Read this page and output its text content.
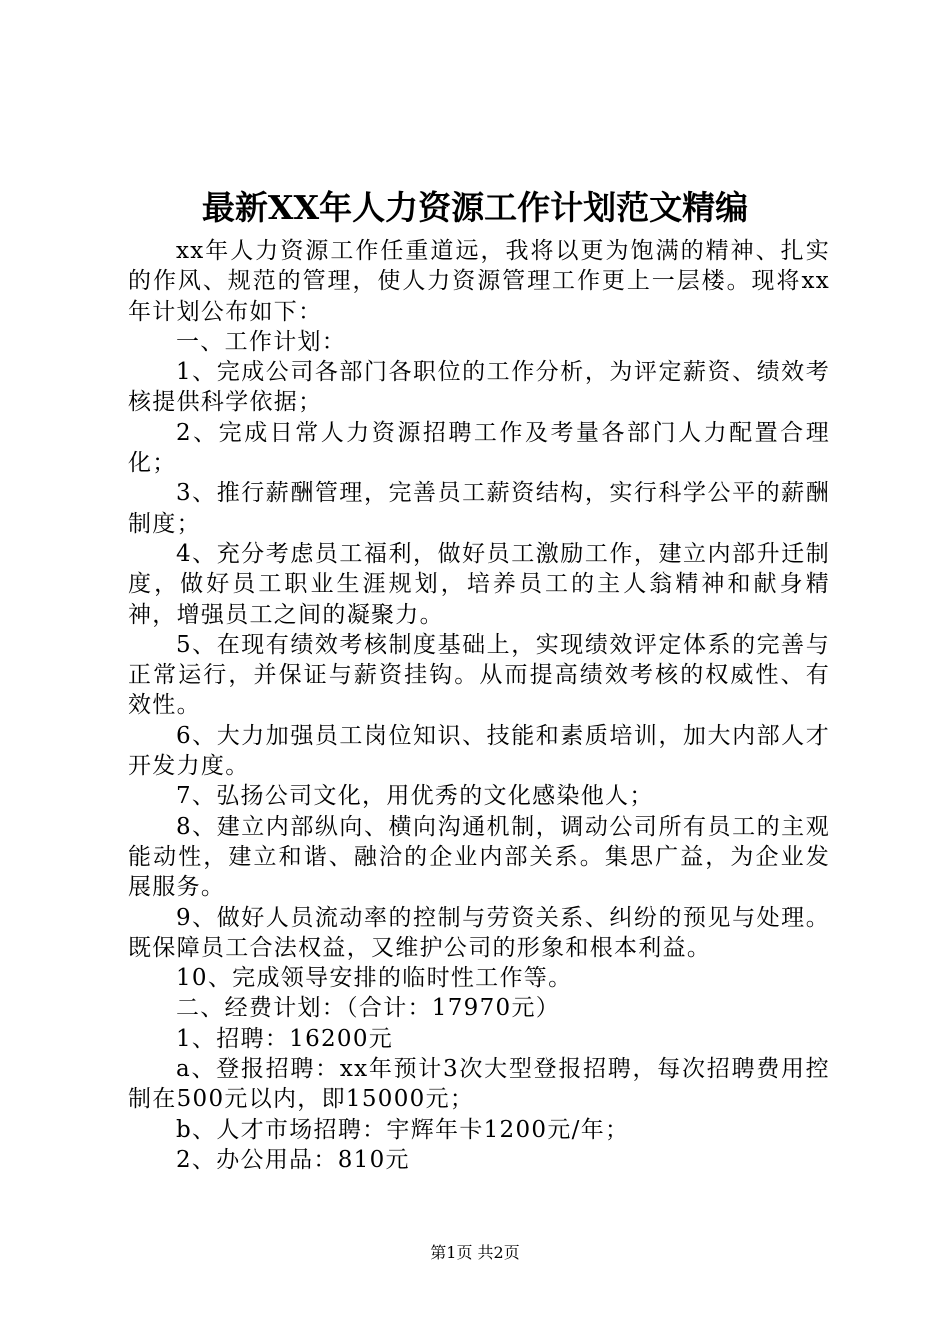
最新XX年人力资源工作计划范文精编

xx年人力资源工作任重道远，我将以更为饱满的精神、扎实的作风、规范的管理，使人力资源管理工作更上一层楼。现将xx年计划公布如下：

一、工作计划：

1、完成公司各部门各职位的工作分析，为评定薪资、绩效考核提供科学依据；

2、完成日常人力资源招聘工作及考量各部门人力配置合理化；

3、推行薪酬管理，完善员工薪资结构，实行科学公平的薪酬制度；

4、充分考虑员工福利，做好员工激励工作，建立内部升迁制度，做好员工职业生涯规划，培养员工的主人翁精神和献身精神，增强员工之间的凝聚力。

5、在现有绩效考核制度基础上，实现绩效评定体系的完善与正常运行，并保证与薪资挂钩。从而提高绩效考核的权威性、有效性。

6、大力加强员工岗位知识、技能和素质培训，加大内部人才开发力度。

7、弘扬公司文化，用优秀的文化感染他人；

8、建立内部纵向、横向沟通机制，调动公司所有员工的主观能动性，建立和谐、融洽的企业内部关系。集思广益，为企业发展服务。

9、做好人员流动率的控制与劳资关系、纠纷的预见与处理。既保障员工合法权益，又维护公司的形象和根本利益。

10、完成领导安排的临时性工作等。

二、经费计划：（合计：17970元）

1、招聘：16200元

a、登报招聘：xx年预计3次大型登报招聘，每次招聘费用控制在500元以内，即15000元；

b、人才市场招聘：宇辉年卡1200元/年；

2、办公用品：810元

第1页 共2页
